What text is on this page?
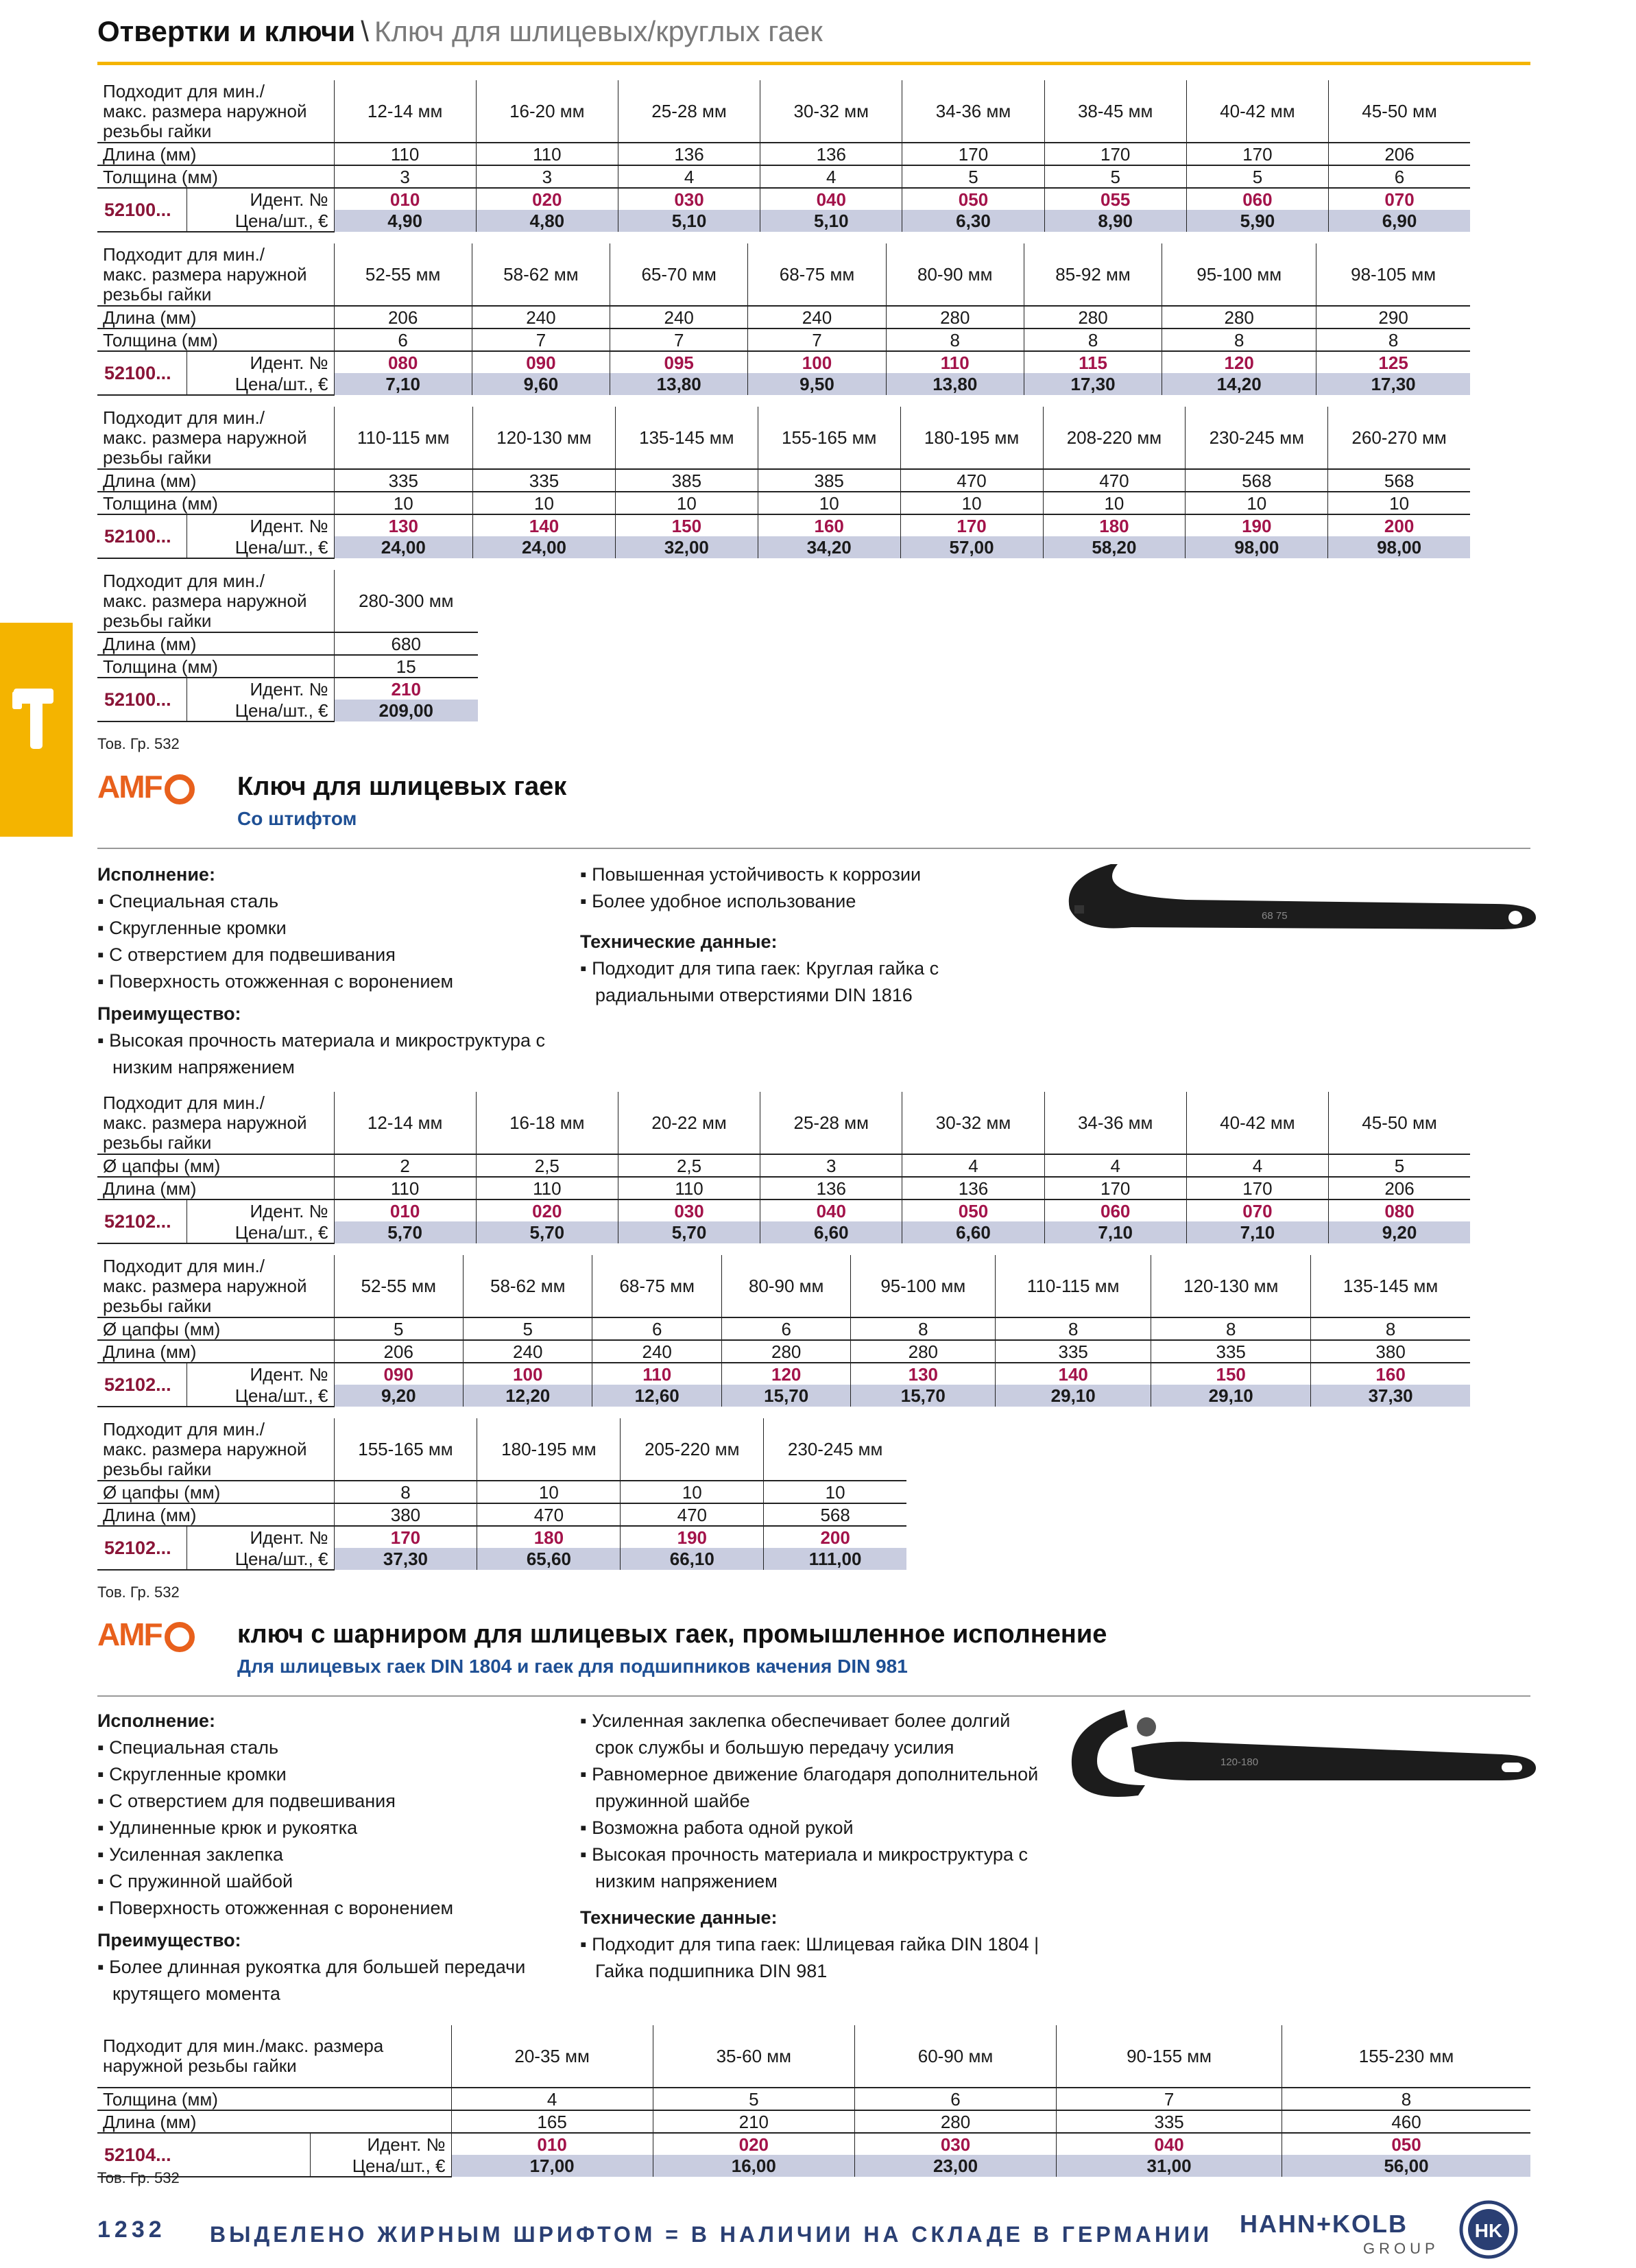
Отвертки и ключи \ Ключ для шлицевых/круглых гаек
Подходит для мин./
макс. размера наружной
резьбы гайки		12-14 мм	16-20 мм	25-28 мм	30-32 мм	34-36 мм	38-45 мм	40-42 мм	45-50 мм
Длина (мм)		110	110	136	136	170	170	170	206
Толщина (мм)		3	3	4	4	5	5	5	6
52100...	Идент. №	010	020	030	040	050	055	060	070
	Цена/шт., €	4,90	4,80	5,10	5,10	6,30	8,90	5,90	6,90
Подходит для мин./
макс. размера наружной
резьбы гайки		52-55 мм	58-62 мм	65-70 мм	68-75 мм	80-90 мм	85-92 мм	95-100 мм	98-105 мм
Длина (мм)		206	240	240	240	280	280	280	290
Толщина (мм)		6	7	7	7	8	8	8	8
52100...	Идент. №	080	090	095	100	110	115	120	125
	Цена/шт., €	7,10	9,60	13,80	9,50	13,80	17,30	14,20	17,30
Подходит для мин./
макс. размера наружной
резьбы гайки		110-115 мм	120-130 мм	135-145 мм	155-165 мм	180-195 мм	208-220 мм	230-245 мм	260-270 мм
Длина (мм)		335	335	385	385	470	470	568	568
Толщина (мм)		10	10	10	10	10	10	10	10
52100...	Идент. №	130	140	150	160	170	180	190	200
	Цена/шт., €	24,00	24,00	32,00	34,20	57,00	58,20	98,00	98,00
Подходит для мин./
макс. размера наружной
резьбы гайки		280-300 мм
Длина (мм)		680
Толщина (мм)		15
52100...	Идент. №	210
	Цена/шт., €	209,00
Тов. Гр. 532
AMF	Ключ для шлицевых гаек
Со штифтом
Исполнение:
▪ Специальная сталь
▪ Скругленные кромки
▪ С отверстием для подвешивания
▪ Поверхность отожженная с воронением
Преимущество:
▪ Высокая прочность материала и микроструктура с низким напряжением
▪ Повышенная устойчивость к коррозии
▪ Более удобное использование
Технические данные:
▪ Подходит для типа гаек: Круглая гайка с радиальными отверстиями DIN 1816
68 75
Подходит для мин./
макс. размера наружной
резьбы гайки		12-14 мм	16-18 мм	20-22 мм	25-28 мм	30-32 мм	34-36 мм	40-42 мм	45-50 мм
Ø цапфы (мм)		2	2,5	2,5	3	4	4	4	5
Длина (мм)		110	110	110	136	136	170	170	206
52102...	Идент. №	010	020	030	040	050	060	070	080
	Цена/шт., €	5,70	5,70	5,70	6,60	6,60	7,10	7,10	9,20
Подходит для мин./
макс. размера наружной
резьбы гайки		52-55 мм	58-62 мм	68-75 мм	80-90 мм	95-100 мм	110-115 мм	120-130 мм	135-145 мм
Ø цапфы (мм)		5	5	6	6	8	8	8	8
Длина (мм)		206	240	240	280	280	335	335	380
52102...	Идент. №	090	100	110	120	130	140	150	160
	Цена/шт., €	9,20	12,20	12,60	15,70	15,70	29,10	29,10	37,30
Подходит для мин./
макс. размера наружной
резьбы гайки		155-165 мм	180-195 мм	205-220 мм	230-245 мм
Ø цапфы (мм)		8	10	10	10
Длина (мм)		380	470	470	568
52102...	Идент. №	170	180	190	200
	Цена/шт., €	37,30	65,60	66,10	111,00
Тов. Гр. 532
AMF	ключ с шарниром для шлицевых гаек, промышленное исполнение
Для шлицевых гаек DIN 1804 и гаек для подшипников качения DIN 981
Исполнение:
▪ Специальная сталь
▪ Скругленные кромки
▪ С отверстием для подвешивания
▪ Удлиненные крюк и рукоятка
▪ Усиленная заклепка
▪ С пружинной шайбой
▪ Поверхность отожженная с воронением
Преимущество:
▪ Более длинная рукоятка для большей передачи крутящего момента
▪ Усиленная заклепка обеспечивает более долгий срок службы и большую передачу усилия
▪ Равномерное движение благодаря дополнительной пружинной шайбе
▪ Возможна работа одной рукой
▪ Высокая прочность материала и микроструктура с низким напряжением
Технические данные:
▪ Подходит для типа гаек: Шлицевая гайка DIN 1804 | Гайка подшипника DIN 981
120-180
Подходит для мин./макс. размера
наружной резьбы гайки		20-35 мм	35-60 мм	60-90 мм	90-155 мм	155-230 мм
Толщина (мм)		4	5	6	7	8
Длина (мм)		165	210	280	335	460
52104...	Идент. №	010	020	030	040	050
	Цена/шт., €	17,00	16,00	23,00	31,00	56,00
Тов. Гр. 532
1232 ВЫДЕЛЕНО ЖИРНЫМ ШРИФТОМ = В НАЛИЧИИ НА СКЛАДЕ В ГЕРМАНИИ HAHN+KOLB
GROUP
HK
